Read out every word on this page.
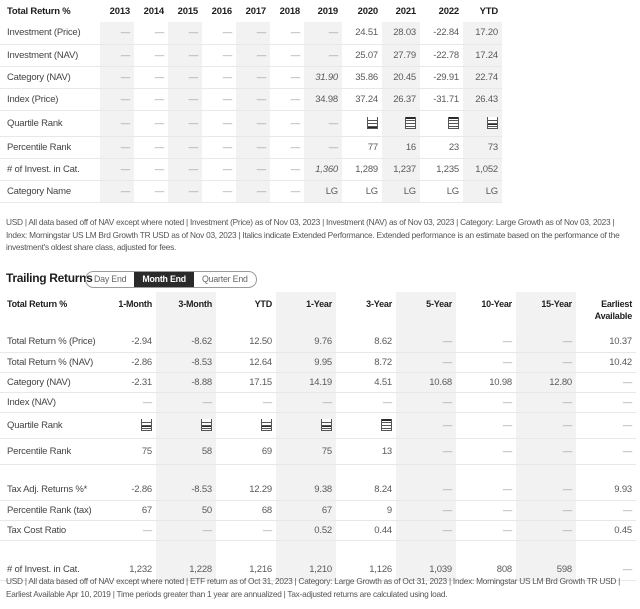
Total Return %	2013	2014	2015	2016	2017	2018	2019	2020	2021	2022	YTD
Investment (Price)	—	—	—	—	—	—	—	24.51	28.03	-22.84	17.20
Investment (NAV)	—	—	—	—	—	—	—	25.07	27.79	-22.78	17.24
Category (NAV)	—	—	—	—	—	—	31.90	35.86	20.45	-29.91	22.74
Index (Price)	—	—	—	—	—	—	34.98	37.24	26.37	-31.71	26.43
Quartile Rank	—	—	—	—	—	—	—	

Percentile Rank	—	—	—	—	—	—	—	77	16	23	73
# of Invest. in Cat.	—	—	—	—	—	—	1,360	1,289	1,237	1,235	1,052
Category Name	—	—	—	—	—	—	LG	LG	LG	LG	LG
USD | All data based off of NAV except where noted | Investment (Price) as of Nov 03, 2023 | Investment (NAV) as of Nov 03, 2023 | Category: Large Growth as of Nov 03, 2023 | Index: Morningstar US LM Brd Growth TR USD as of Nov 03, 2023 | Italics indicate Extended Performance. Extended performance is an estimate based on the performance of the investment's oldest share class, adjusted for fees.
Trailing Returns Day End	Month End	Quarter End
Total Return %	1-Month	3-Month	YTD	1-Year	3-Year	5-Year	10-Year	15-Year	Earliest
Available

Total Return % (Price)	-2.94	-8.62	12.50	9.76	8.62	—	—	—	10.37
Total Return % (NAV)	-2.86	-8.53	12.64	9.95	8.72	—	—	—	10.42
Category (NAV)	-2.31	-8.88	17.15	14.19	4.51	10.68	10.98	12.80	—
Index (NAV)	—	—	—	—	—	—	—	—	—
Quartile Rank						—	—	—	—
Percentile Rank	75	58	69	75	13	—	—	—	—

Tax Adj. Returns %*	-2.86	-8.53	12.29	9.38	8.24	—	—	—	9.93
Percentile Rank (tax)	67	50	68	67	9	—	—	—	—
Tax Cost Ratio	—	—	—	0.52	0.44	—	—	—	0.45

# of Invest. in Cat.	1,232	1,228	1,216	1,210	1,126	1,039	808	598	—
USD | All data based off of NAV except where noted | ETF return as of Oct 31, 2023 | Category: Large Growth as of Oct 31, 2023 | Index: Morningstar US LM Brd Growth TR USD | Earliest Available Apr 10, 2019 | Time periods greater than 1 year are annualized | Tax-adjusted returns are calculated using load.
